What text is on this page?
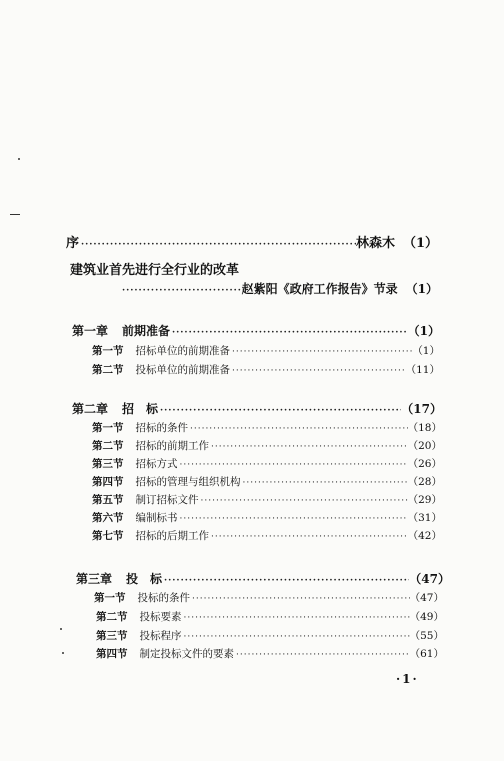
序 ·····	林森木 （1）
建筑业首先进行全行业的改革
·····
赵紫阳《政府工作报告》节录 （1）
第一章 前期准备 ·····	（1）
第一节 招标单位的前期准备 ·····	（1）
第二节 投标单位的前期准备 ·····	（11）
第二章 招　标 ·····	（17）
第一节 招标的条件 ·····	（18）
第二节 招标的前期工作 ·····	（20）
第三节 招标方式 ·····	（26）
第四节 招标的管理与组织机构 ·····	（28）
第五节 制订招标文件 ·····	（29）
第六节 编制标书 ·····	（31）
第七节 招标的后期工作 ·····	（42）
第三章 投　标 ·····	（47）
第一节 投标的条件 ·····	（47）
第二节 投标要素 ·····	（49）
第三节 投标程序 ·····	（55）
第四节 制定投标文件的要素 ·····	（61）
·1·
